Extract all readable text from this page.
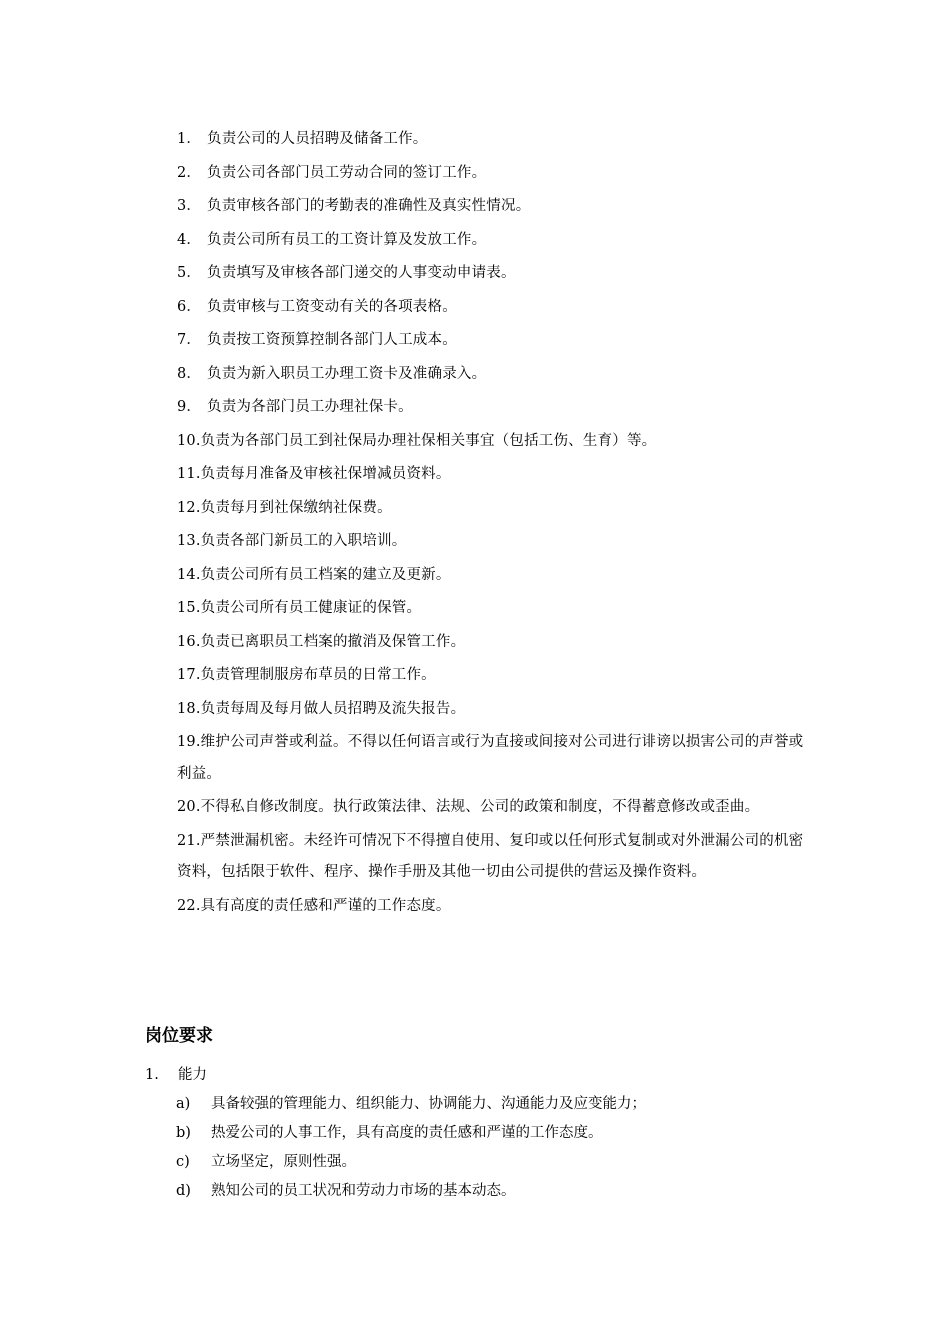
1． 负责公司的人员招聘及储备工作。
2． 负责公司各部门员工劳动合同的签订工作。
3． 负责审核各部门的考勤表的准确性及真实性情况。
4． 负责公司所有员工的工资计算及发放工作。
5． 负责填写及审核各部门递交的人事变动申请表。
6． 负责审核与工资变动有关的各项表格。
7． 负责按工资预算控制各部门人工成本。
8． 负责为新入职员工办理工资卡及准确录入。
9． 负责为各部门员工办理社保卡。
10.负责为各部门员工到社保局办理社保相关事宜（包括工伤、生育）等。
11.负责每月准备及审核社保增减员资料。
12.负责每月到社保缴纳社保费。
13.负责各部门新员工的入职培训。
14.负责公司所有员工档案的建立及更新。
15.负责公司所有员工健康证的保管。
16.负责已离职员工档案的撤消及保管工作。
17.负责管理制服房布草员的日常工作。
18.负责每周及每月做人员招聘及流失报告。
19.维护公司声誉或利益。不得以任何语言或行为直接或间接对公司进行诽谤以损害公司的声誉或利益。
20.不得私自修改制度。执行政策法律、法规、公司的政策和制度，不得蓄意修改或歪曲。
21.严禁泄漏机密。未经许可情况下不得擅自使用、复印或以任何形式复制或对外泄漏公司的机密资料，包括限于软件、程序、操作手册及其他一切由公司提供的营运及操作资料。
22.具有高度的责任感和严谨的工作态度。
岗位要求
1. 能力
a) 具备较强的管理能力、组织能力、协调能力、沟通能力及应变能力；
b) 热爱公司的人事工作，具有高度的责任感和严谨的工作态度。
c) 立场坚定，原则性强。
d) 熟知公司的员工状况和劳动力市场的基本动态。
